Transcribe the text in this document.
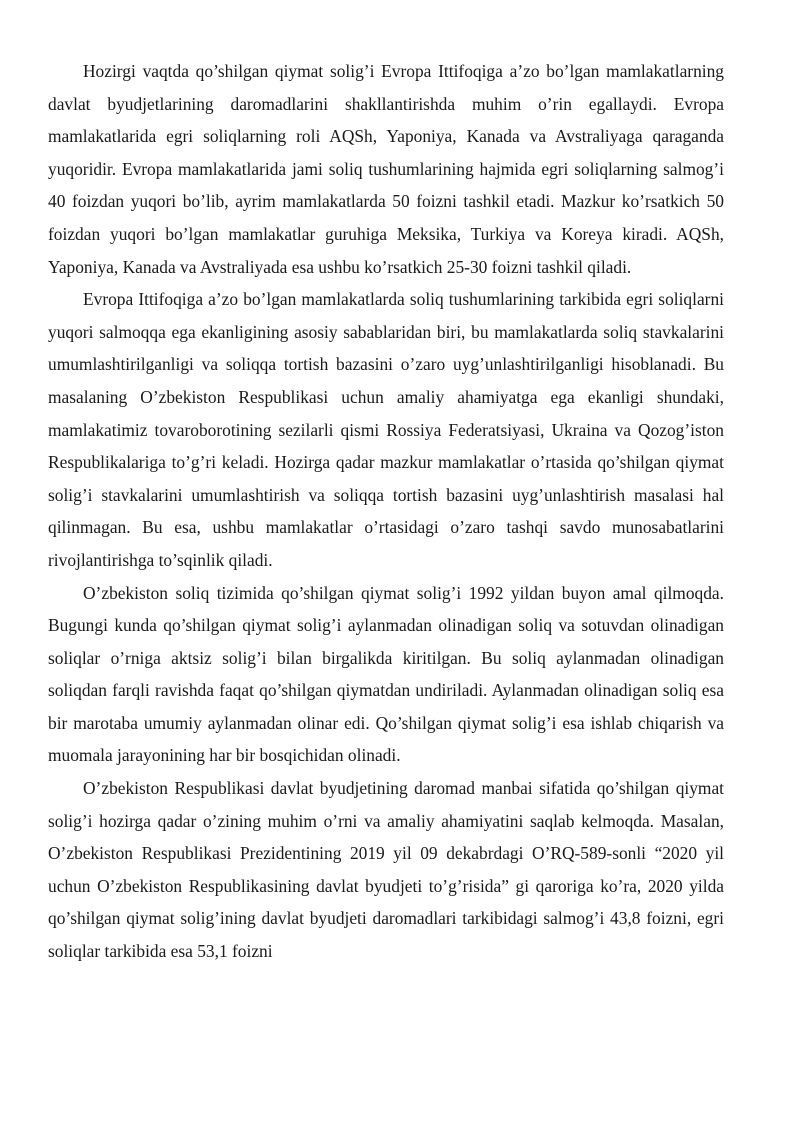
Hozirgi vaqtda qo’shilgan qiymat solig’i Evropa Ittifoqiga a’zo bo’lgan mamlakatlarning davlat byudjetlarining daromadlarini shakllantirishda muhim o’rin egallaydi. Evropa mamlakatlarida egri soliqlarning roli AQSh, Yaponiya, Kanada va Avstraliyaga qaraganda yuqoridir. Evropa mamlakatlarida jami soliq tushumlarining hajmida egri soliqlarning salmog’i 40 foizdan yuqori bo’lib, ayrim mamlakatlarda 50 foizni tashkil etadi. Mazkur ko’rsatkich 50 foizdan yuqori bo’lgan mamlakatlar guruhiga Meksika, Turkiya va Koreya kiradi. AQSh, Yaponiya, Kanada va Avstraliyada esa ushbu ko’rsatkich 25-30 foizni tashkil qiladi.

Evropa Ittifoqiga a’zo bo’lgan mamlakatlarda soliq tushumlarining tarkibida egri soliqlarni yuqori salmoqqa ega ekanligining asosiy sabablaridan biri, bu mamlakatlarda soliq stavkalarini umumlashtirilganligi va soliqqa tortish bazasini o’zaro uyg’unlashtirilganligi hisoblanadi. Bu masalaning O’zbekiston Respublikasi uchun amaliy ahamiyatga ega ekanligi shundaki, mamlakatimiz tovaroborotining sezilarli qismi Rossiya Federatsiyasi, Ukraina va Qozog’iston Respublikalariga to’g’ri keladi. Hozirga qadar mazkur mamlakatlar o’rtasida qo’shilgan qiymat solig’i stavkalarini umumlashtirish va soliqqa tortish bazasini uyg’unlashtirish masalasi hal qilinmagan. Bu esa, ushbu mamlakatlar o’rtasidagi o’zaro tashqi savdo munosabatlarini rivojlantirishga to’sqinlik qiladi.

O’zbekiston soliq tizimida qo’shilgan qiymat solig’i 1992 yildan buyon amal qilmoqda. Bugungi kunda qo’shilgan qiymat solig’i aylanmadan olinadigan soliq va sotuvdan olinadigan soliqlar o’rniga aktsiz solig’i bilan birgalikda kiritilgan. Bu soliq aylanmadan olinadigan soliqdan farqli ravishda faqat qo’shilgan qiymatdan undiriladi. Aylanmadan olinadigan soliq esa bir marotaba umumiy aylanmadan olinar edi. Qo’shilgan qiymat solig’i esa ishlab chiqarish va muomala jarayonining har bir bosqichidan olinadi.

O’zbekiston Respublikasi davlat byudjetining daromad manbai sifatida qo’shilgan qiymat solig’i hozirga qadar o’zining muhim o’rni va amaliy ahamiyatini saqlab kelmoqda. Masalan, O’zbekiston Respublikasi Prezidentining 2019 yil 09 dekabrdagi O’RQ-589-sonli “2020 yil uchun O’zbekiston Respublikasining davlat byudjeti to’g’risida” gi qaroriga ko’ra, 2020 yilda qo’shilgan qiymat solig’ining davlat byudjeti daromadlari tarkibidagi salmog’i 43,8 foizni, egri soliqlar tarkibida esa 53,1 foizni
